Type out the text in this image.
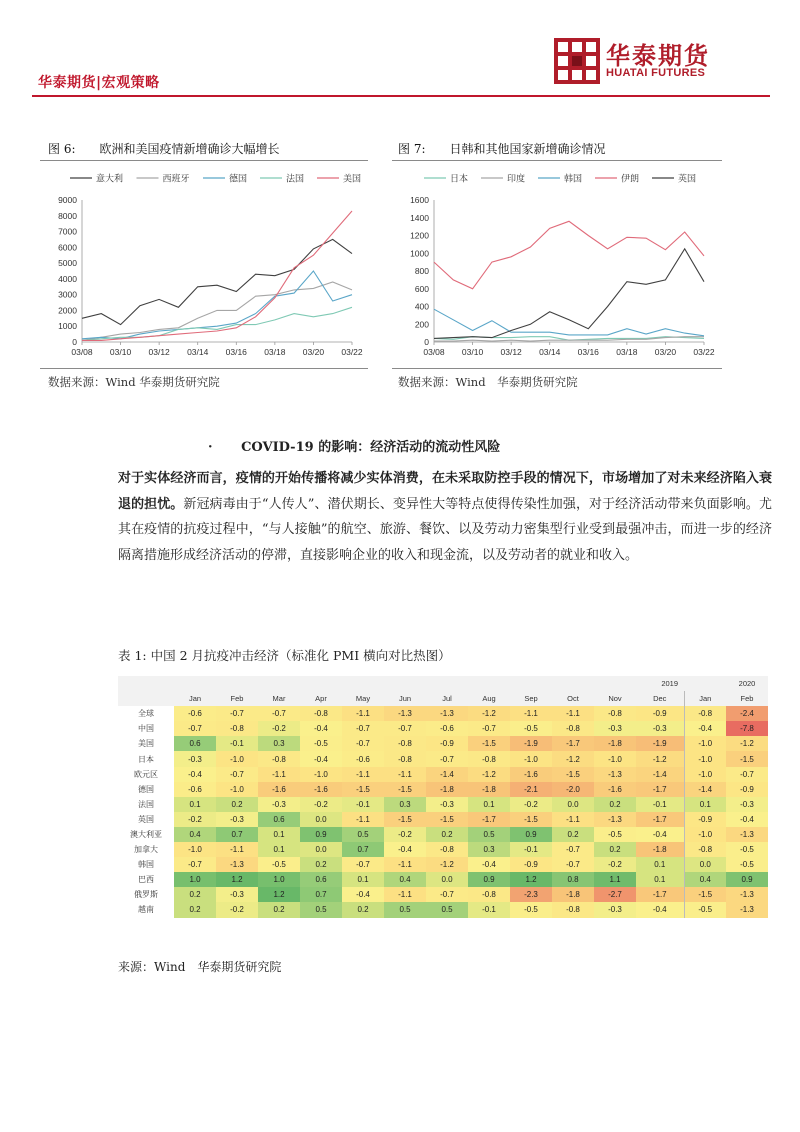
华泰期货|宏观策略
华泰期货
HUATAI FUTURES
图 6:　　欧洲和美国疫情新增确诊大幅增长
意大利	西班牙	德国	法国	美国
0
1000
2000
3000
4000
5000
6000
7000
8000
9000
03/08 03/10 03/12 03/14 03/16 03/18 03/20 03/22
数据来源：Wind 华泰期货研究院
图 7:　　日韩和其他国家新增确诊情况
日本	印度	韩国	伊朗	英国
0
200
400
600
800
1000
1200
1400
1600
03/08 03/10 03/12 03/14 03/16 03/18 03/20 03/22
数据来源：Wind　华泰期货研究院
· COVID-19 的影响：经济活动的流动性风险
对于实体经济而言，疫情的开始传播将减少实体消费，在未采取防控手段的情况下，市场增加了对未来经济陷入衰退的担忧。新冠病毒由于“人传人”、潜伏期长、变异性大等特点使得传染性加强，对于经济活动带来负面影响。尤其在疫情的抗疫过程中，“与人接触”的航空、旅游、餐饮、以及劳动力密集型行业受到最强冲击，而进一步的经济隔离措施形成经济活动的停滞，直接影响企业的收入和现金流，以及劳动者的就业和收入。
表 1: 中国 2 月抗疫冲击经济（标准化 PMI 横向对比热图）
												2019		2020
	Jan	Feb	Mar	Apr	May	Jun	Jul	Aug	Sep	Oct	Nov	Dec	Jan	Feb
全球	-0.6	-0.7	-0.7	-0.8	-1.1	-1.3	-1.3	-1.2	-1.1	-1.1	-0.8	-0.9	-0.8	-2.4
中国	-0.7	-0.8	-0.2	-0.4	-0.7	-0.7	-0.6	-0.7	-0.5	-0.8	-0.3	-0.3	-0.4	-7.8
美国	0.6	-0.1	0.3	-0.5	-0.7	-0.8	-0.9	-1.5	-1.9	-1.7	-1.8	-1.9	-1.0	-1.2
日本	-0.3	-1.0	-0.8	-0.4	-0.6	-0.8	-0.7	-0.8	-1.0	-1.2	-1.0	-1.2	-1.0	-1.5
欧元区	-0.4	-0.7	-1.1	-1.0	-1.1	-1.1	-1.4	-1.2	-1.6	-1.5	-1.3	-1.4	-1.0	-0.7
德国	-0.6	-1.0	-1.6	-1.6	-1.5	-1.5	-1.8	-1.8	-2.1	-2.0	-1.6	-1.7	-1.4	-0.9
法国	0.1	0.2	-0.3	-0.2	-0.1	0.3	-0.3	0.1	-0.2	0.0	0.2	-0.1	0.1	-0.3
英国	-0.2	-0.3	0.6	0.0	-1.1	-1.5	-1.5	-1.7	-1.5	-1.1	-1.3	-1.7	-0.9	-0.4
澳大利亚	0.4	0.7	0.1	0.9	0.5	-0.2	0.2	0.5	0.9	0.2	-0.5	-0.4	-1.0	-1.3
加拿大	-1.0	-1.1	0.1	0.0	0.7	-0.4	-0.8	0.3	-0.1	-0.7	0.2	-1.8	-0.8	-0.5
韩国	-0.7	-1.3	-0.5	0.2	-0.7	-1.1	-1.2	-0.4	-0.9	-0.7	-0.2	0.1	0.0	-0.5
巴西	1.0	1.2	1.0	0.6	0.1	0.4	0.0	0.9	1.2	0.8	1.1	0.1	0.4	0.9
俄罗斯	0.2	-0.3	1.2	0.7	-0.4	-1.1	-0.7	-0.8	-2.3	-1.8	-2.7	-1.7	-1.5	-1.3
越南	0.2	-0.2	0.2	0.5	0.2	0.5	0.5	-0.1	-0.5	-0.8	-0.3	-0.4	-0.5	-1.3
来源：Wind　华泰期货研究院
